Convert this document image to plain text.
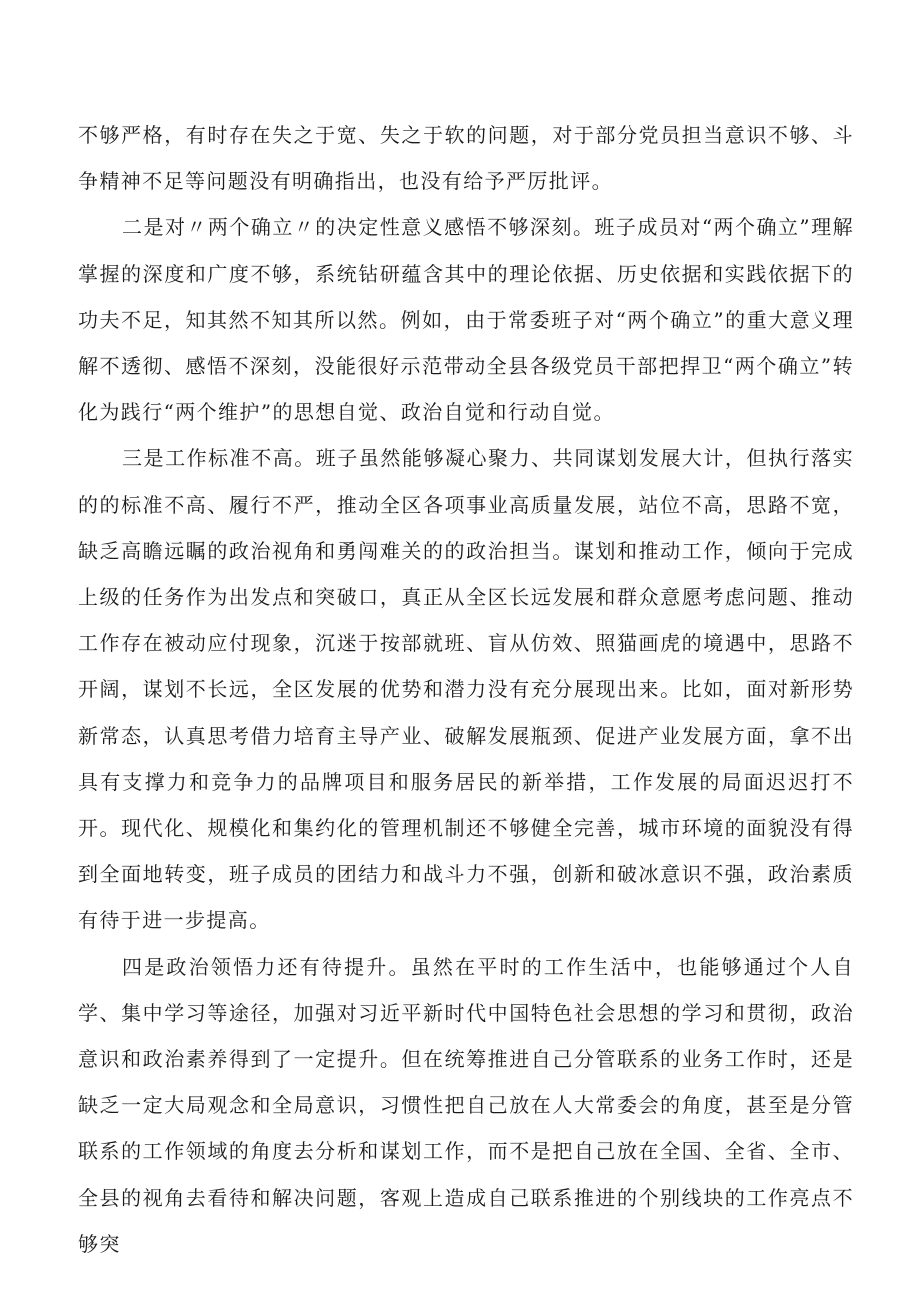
不够严格，有时存在失之于宽、失之于软的问题，对于部分党员担当意识不够、斗争精神不足等问题没有明确指出，也没有给予严厉批评。

二是对〃两个确立〃的决定性意义感悟不够深刻。班子成员对“两个确立”理解掌握的深度和广度不够，系统钻研蕴含其中的理论依据、历史依据和实践依据下的功夫不足，知其然不知其所以然。例如，由于常委班子对“两个确立”的重大意义理解不透彻、感悟不深刻，没能很好示范带动全县各级党员干部把捍卫“两个确立”转化为践行“两个维护”的思想自觉、政治自觉和行动自觉。

三是工作标准不高。班子虽然能够凝心聚力、共同谋划发展大计，但执行落实的的标准不高、履行不严，推动全区各项事业高质量发展，站位不高，思路不宽，缺乏高瞻远瞩的政治视角和勇闯难关的的政治担当。谋划和推动工作，倾向于完成上级的任务作为出发点和突破口，真正从全区长远发展和群众意愿考虑问题、推动工作存在被动应付现象，沉迷于按部就班、盲从仿效、照猫画虎的境遇中，思路不开阔，谋划不长远，全区发展的优势和潜力没有充分展现出来。比如，面对新形势新常态，认真思考借力培育主导产业、破解发展瓶颈、促进产业发展方面，拿不出具有支撑力和竞争力的品牌项目和服务居民的新举措，工作发展的局面迟迟打不开。现代化、规模化和集约化的管理机制还不够健全完善，城市环境的面貌没有得到全面地转变，班子成员的团结力和战斗力不强，创新和破冰意识不强，政治素质有待于进一步提高。

四是政治领悟力还有待提升。虽然在平时的工作生活中，也能够通过个人自学、集中学习等途径，加强对习近平新时代中国特色社会思想的学习和贯彻，政治意识和政治素养得到了一定提升。但在统筹推进自己分管联系的业务工作时，还是缺乏一定大局观念和全局意识，习惯性把自己放在人大常委会的角度，甚至是分管联系的工作领域的角度去分析和谋划工作，而不是把自己放在全国、全省、全市、全县的视角去看待和解决问题，客观上造成自己联系推进的个别线块的工作亮点不够突
